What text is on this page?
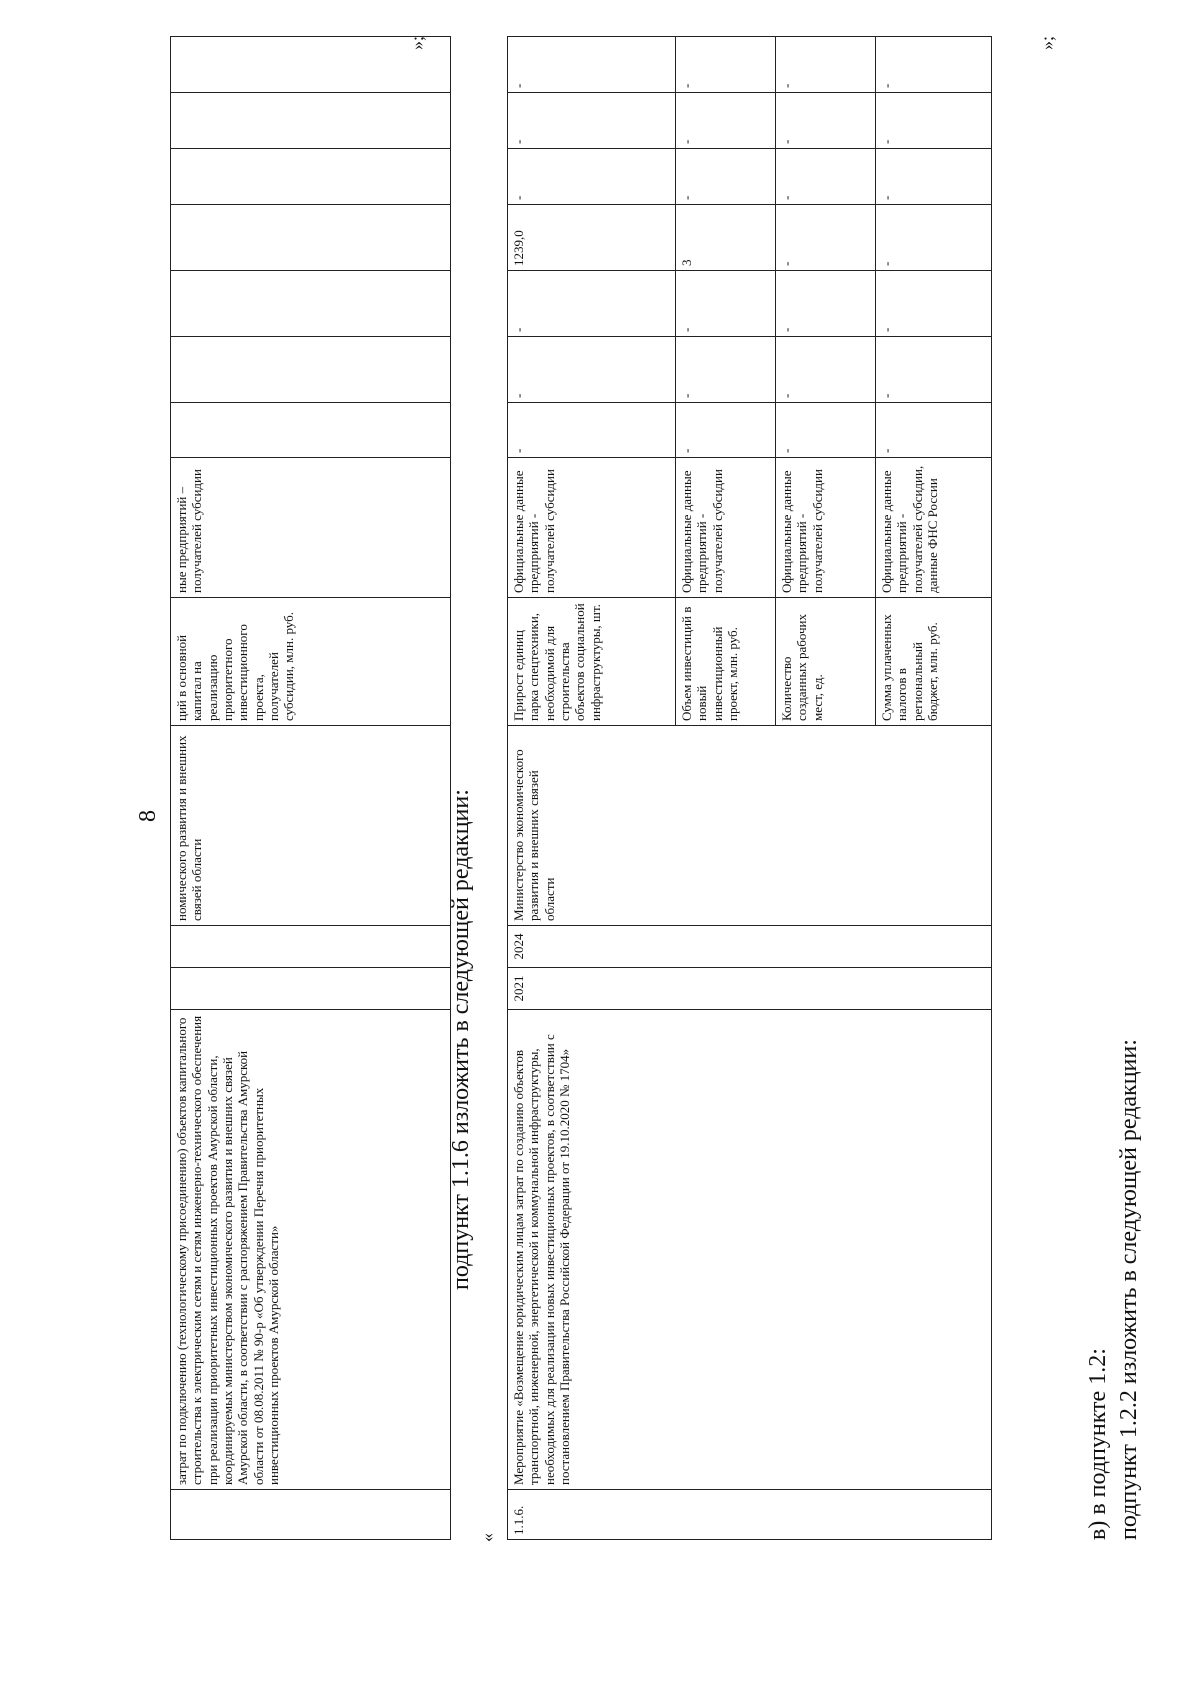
8
	затрат по подключению (технологическому присоединению) объектов капитального строительства к электрическим сетям и сетям инженерно-технического обеспечения при реализации приоритетных инвестиционных проектов Амурской области, координируемых министерством экономического развития и внешних связей Амурской области, в соответствии с распоряжением Правительства Амурской области от 08.08.2011 № 90-р «Об утверждении Перечня приоритетных инвестиционных проектов Амурской области»			номического развития и внешних связей области	ций в основной капитал на реализацию приоритетного инвестиционного проекта, получателей субсидии, млн. руб.	ные предприятий – получателей субсидии							
»;
подпункт 1.1.6 изложить в следующей редакции:
«
1.1.6.	Мероприятие «Возмещение юридическим лицам затрат по созданию объектов транспортной, инженерной, энергетической и коммунальной инфраструктуры, необходимых для реализации новых инвестиционных проектов, в соответствии с постановлением Правительства Российской Федерации от 19.10.2020 № 1704»	2021	2024	Министерство экономического развития и внешних связей области	Прирост единиц парка спецтехники, необходимой для строительства объектов социальной инфраструктуры, шт.	Официальные данные предприятий - получателей субсидии	-	-	-	1239,0	-	-	-
					Объем инвестиций в новый инвестиционный проект, млн. руб.	Официальные данные предприятий - получателей субсидии	-	-	-	3	-	-	-
					Количество созданных рабочих мест, ед.	Официальные данные предприятий - получателей субсидии	-	-	-	-	-	-	-
					Сумма уплаченных налогов в региональный бюджет, млн. руб.	Официальные данные предприятий - получателей субсидии, данные ФНС России	-	-	-	-	-	-	-
»;
в) в подпункте 1.2: подпункт 1.2.2 изложить в следующей редакции:
